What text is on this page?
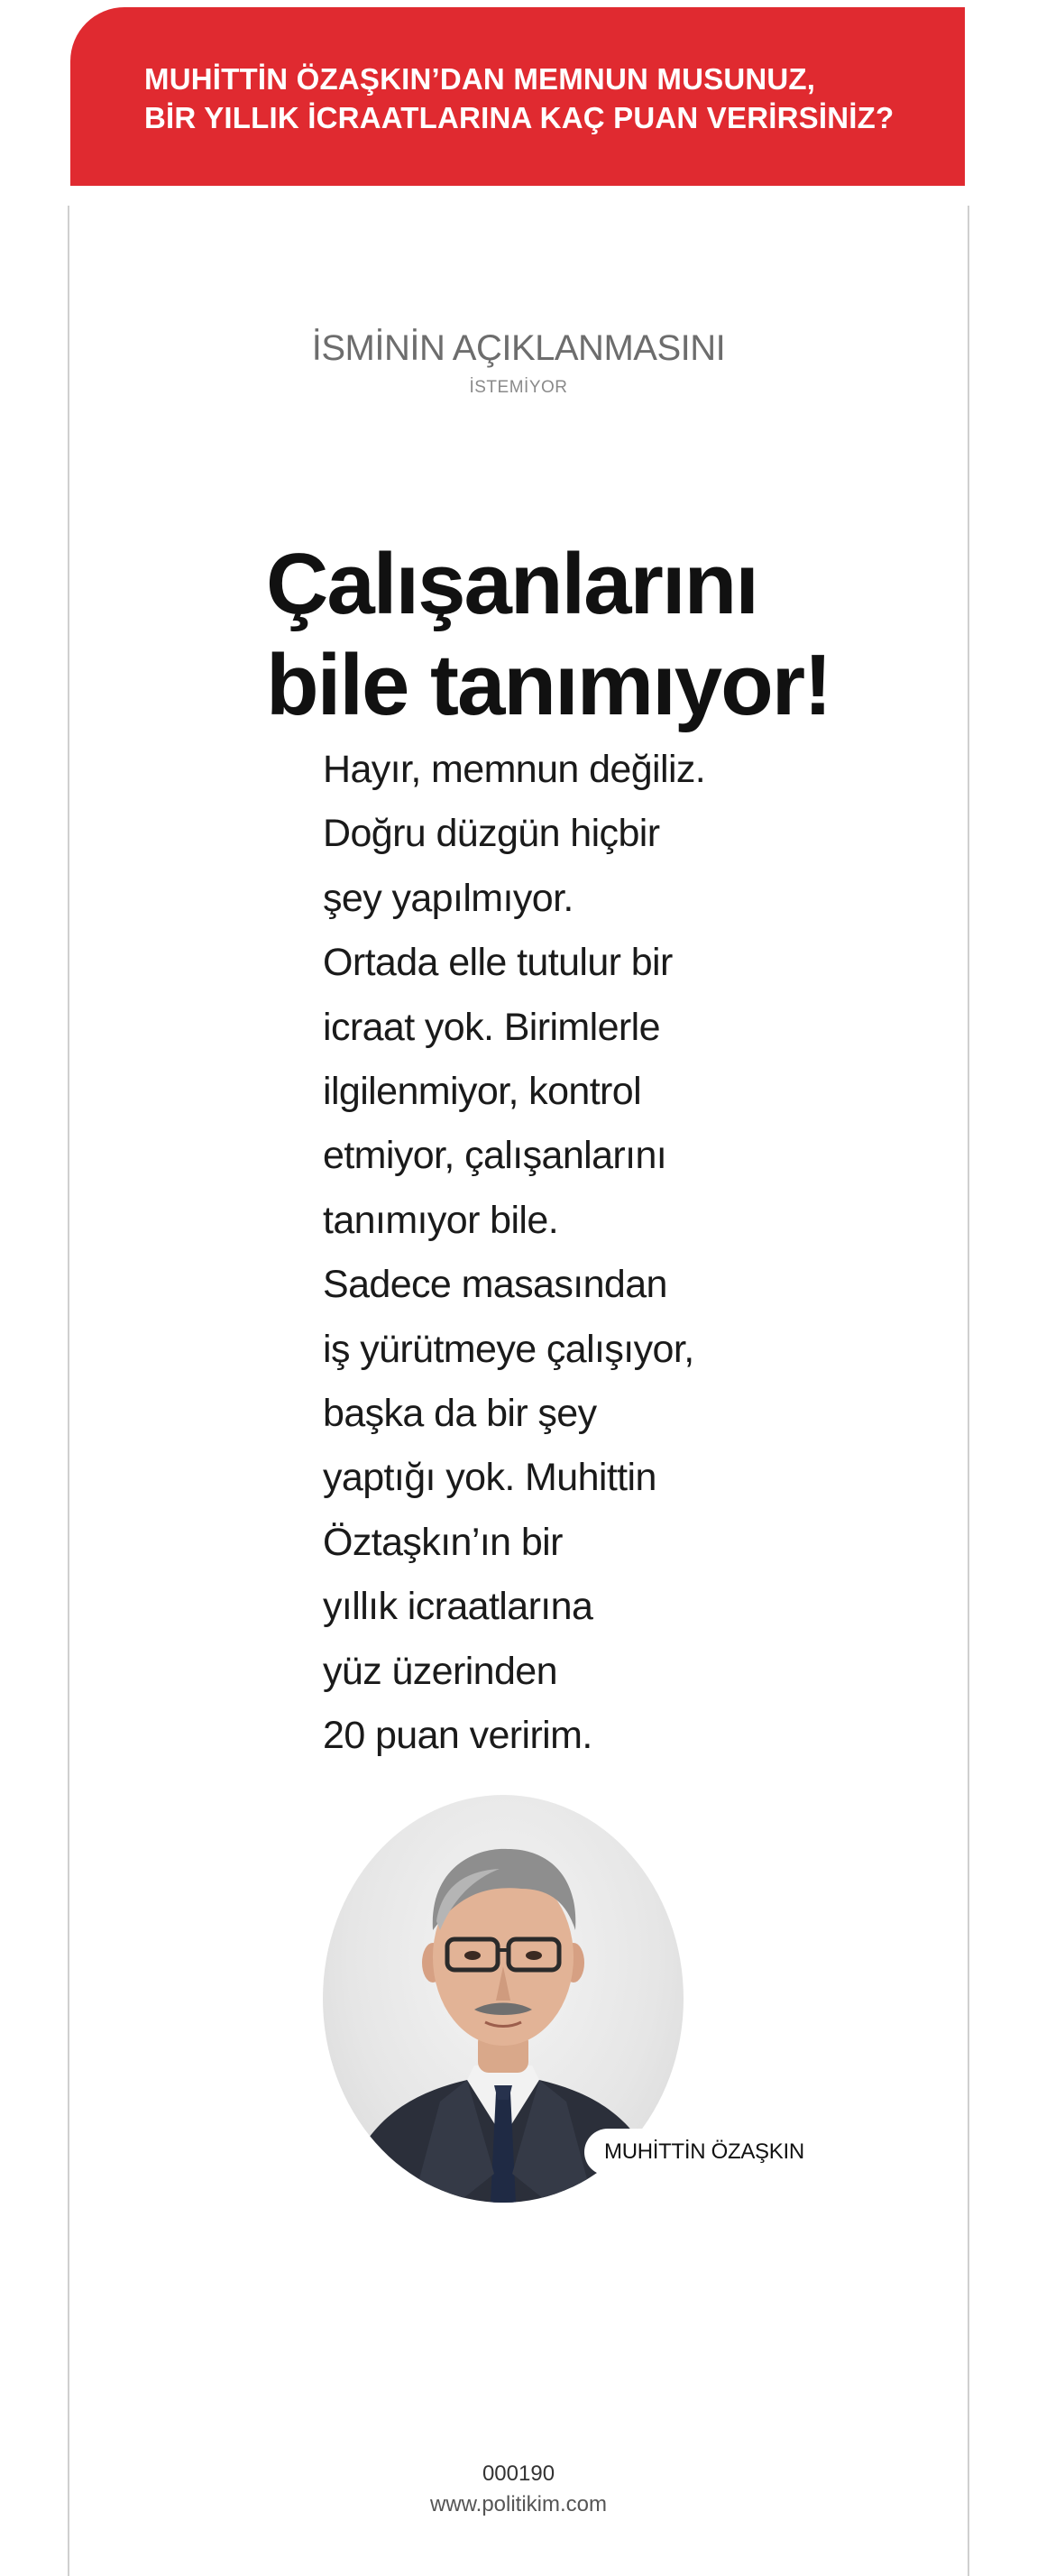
MUHİTTİN ÖZAŞKIN’DAN MEMNUN MUSUNUZ,
BİR YILLIK İCRAATLARINA KAÇ PUAN VERİRSİNİZ?
İSMİNİN AÇIKLANMASINI
İSTEMİYOR
Çalışanlarını
bile tanımıyor!
Hayır, memnun değiliz.
Doğru düzgün hiçbir
şey yapılmıyor.
Ortada elle tutulur bir
icraat yok. Birimlerle
ilgilenmiyor, kontrol
etmiyor, çalışanlarını
tanımıyor bile.
Sadece masasından
iş yürütmeye çalışıyor,
başka da bir şey
yaptığı yok. Muhittin
Öztaşkın’ın bir
yıllık icraatlarına
yüz üzerinden
20 puan veririm.
MUHİTTİN ÖZAŞKIN
000190
www.politikim.com
